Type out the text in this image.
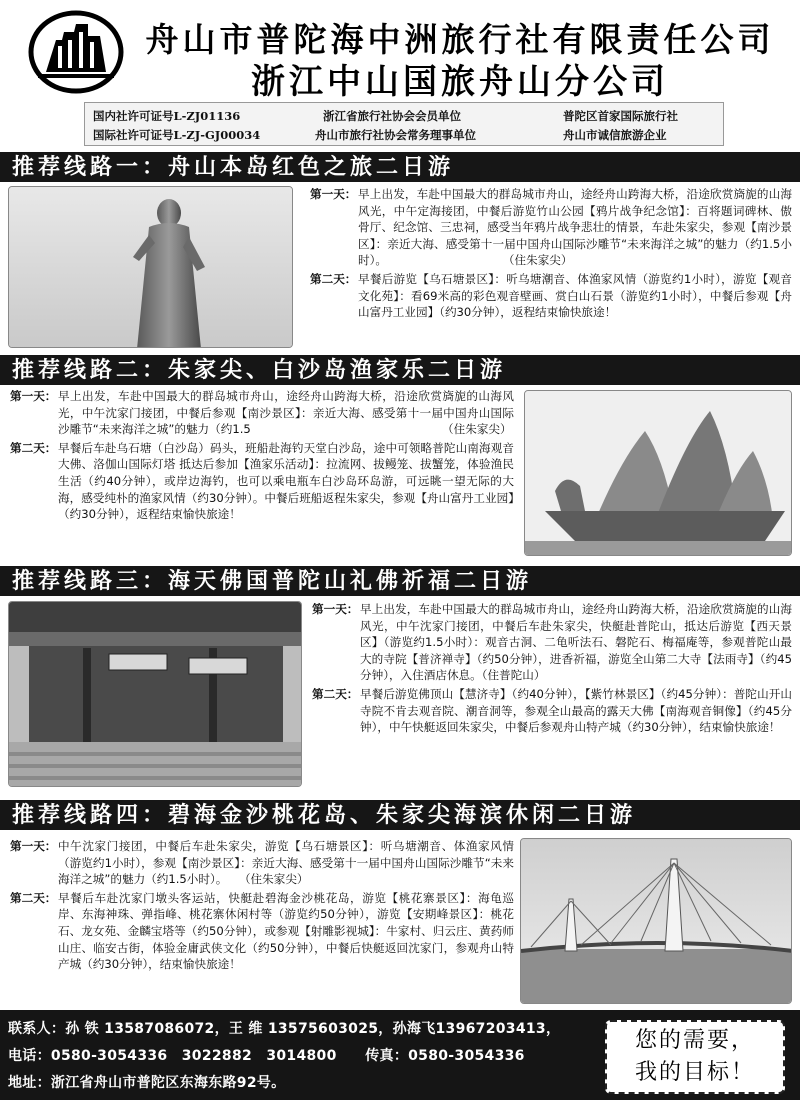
舟山市普陀海中洲旅行社有限责任公司
浙江中山国旅舟山分公司
国内社许可证号L-ZJ01136	浙江省旅行社协会会员单位	普陀区首家国际旅行社
国际社许可证号L-ZJ-GJ00034	舟山市旅行社协会常务理事单位	舟山市诚信旅游企业
推荐线路一：舟山本岛红色之旅二日游
第一天： 早上出发，车赴中国最大的群岛城市舟山，途经舟山跨海大桥，沿途欣赏旖旎的山海风光，中午定海接团，中餐后游览竹山公园【鸦片战争纪念馆】：百将题词碑林、傲骨厅、纪念馆、三忠祠，感受当年鸦片战争悲壮的情景，车赴朱家尖，参观【南沙景区】：亲近大海、感受第十一届中国舟山国际沙雕节“未来海洋之城”的魅力（约1.5小时）。　　　　　　　　　　　（住朱家尖）
第二天： 早餐后游览【乌石塘景区】：听乌塘潮音、体渔家风情（游览约1小时），游览【观音文化苑】：看69米高的彩色观音壁画、赏白山石景（游览约1小时），中餐后参观【舟山富丹工业园】（约30分钟），返程结束愉快旅途！
推荐线路二：朱家尖、白沙岛渔家乐二日游
第一天： 早上出发，车赴中国最大的群岛城市舟山，途经舟山跨海大桥，沿途欣赏旖旎的山海风光，中午沈家门接团，中餐后参观【南沙景区】：亲近大海、感受第十一届中国舟山国际沙雕节“未来海洋之城”的魅力（约1.5　　　　　　　　　　　　　　　　　（住朱家尖）
第二天： 早餐后车赴乌石塘（白沙岛）码头，班船赴海钓天堂白沙岛，途中可领略普陀山南海观音大佛、洛伽山国际灯塔 抵达后参加【渔家乐活动】：拉流网、拔鳗笼、拔蟹笼，体验渔民生活（约40分钟），或岸边海钓，也可以乘电瓶车白沙岛环岛游，可远眺一望无际的大海，感受纯朴的渔家风情（约30分钟）。中餐后班船返程朱家尖，参观【舟山富丹工业园】（约30分钟），返程结束愉快旅途！
推荐线路三：海天佛国普陀山礼佛祈福二日游
第一天： 早上出发，车赴中国最大的群岛城市舟山，途经舟山跨海大桥，沿途欣赏旖旎的山海风光，中午沈家门接团，中餐后车赴朱家尖，快艇赴普陀山，抵达后游览【西天景区】（游览约1.5小时）：观音古洞、二龟听法石、磐陀石、梅福庵等，参观普陀山最大的寺院【普济禅寺】（约50分钟），进香祈福，游览全山第二大寺【法雨寺】（约45分钟），入住酒店休息。（住普陀山）
第二天： 早餐后游览佛顶山【慧济寺】（约40分钟），【紫竹林景区】（约45分钟）：普陀山开山寺院不肯去观音院、潮音洞等，参观全山最高的露天大佛【南海观音铜像】（约45分钟），中午快艇返回朱家尖，中餐后参观舟山特产城（约30分钟），结束愉快旅途！
推荐线路四：碧海金沙桃花岛、朱家尖海滨休闲二日游
第一天： 中午沈家门接团，中餐后车赴朱家尖，游览【乌石塘景区】：听乌塘潮音、体渔家风情（游览约1小时），参观【南沙景区】：亲近大海、感受第十一届中国舟山国际沙雕节“未来海洋之城”的魅力（约1.5小时）。　　（住朱家尖）
第二天： 早餐后车赴沈家门墩头客运站，快艇赴碧海金沙桃花岛，游览【桃花寨景区】：海龟巡岸、东海神珠、弹指峰、桃花寨休闲村等（游览约50分钟），游览【安期峰景区】：桃花石、龙女苑、金麟宝塔等（约50分钟），或参观【射雕影视城】：牛家村、归云庄、黄药师山庄、临安古街，体验金庸武侠文化（约50分钟），中餐后快艇返回沈家门，参观舟山特产城（约30分钟），结束愉快旅途！
联系人：孙 铁 13587086072，王 维 13575603025，孙海飞13967203413，
电话：0580-3054336　3022882　3014800　　传真：0580-3054336
地址：浙江省舟山市普陀区东海东路92号。
您的需要，
我的目标！
